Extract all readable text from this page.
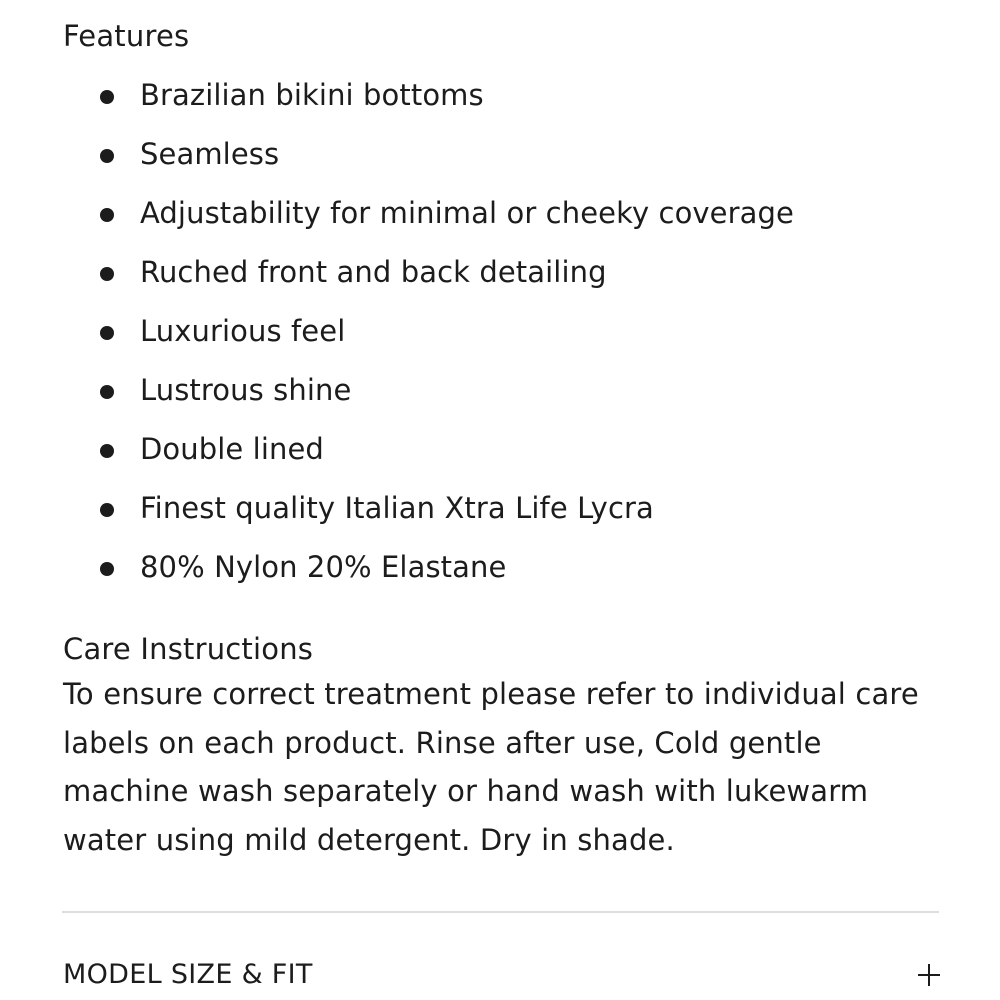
Features
Brazilian bikini bottoms
Seamless
Adjustability for minimal or cheeky coverage
Ruched front and back detailing
Luxurious feel
Lustrous shine
Double lined
Finest quality Italian Xtra Life Lycra
80% Nylon 20% Elastane
Care Instructions

To ensure correct treatment please refer to individual care labels on each product. Rinse after use, Cold gentle machine wash separately or hand wash with lukewarm water using mild detergent. Dry in shade.

MODEL SIZE & FIT
